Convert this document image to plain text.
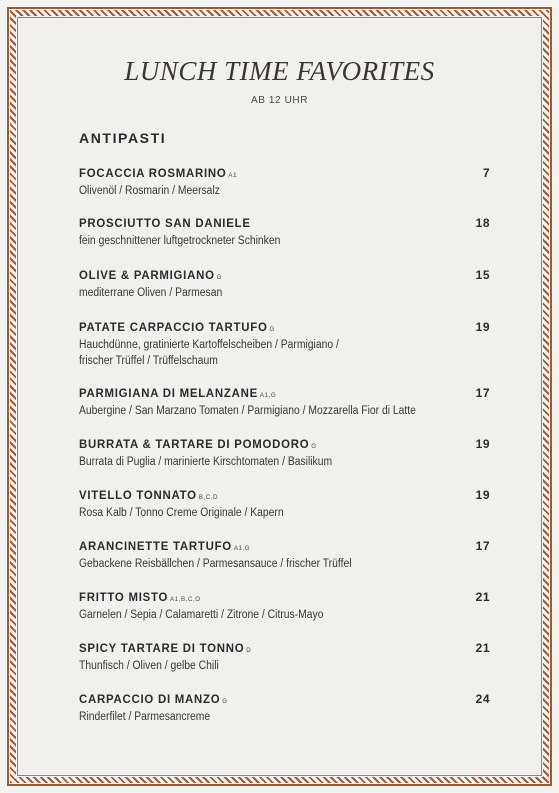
LUNCH TIME FAVORITES
AB 12 UHR
ANTIPASTI
FOCACCIA ROSMARINO A1
Olivenöl / Rosmarin / Meersalz
7
PROSCIUTTO SAN DANIELE
fein geschnittener luftgetrockneter Schinken
18
OLIVE & PARMIGIANO G
mediterrane Oliven / Parmesan
15
PATATE CARPACCIO TARTUFO G
Hauchdünne, gratinierte Kartoffelscheiben / Parmigiano /
frischer Trüffel / Trüffelschaum
19
PARMIGIANA DI MELANZANE A1,G
Aubergine / San Marzano Tomaten / Parmigiano / Mozzarella Fior di Latte
17
BURRATA & TARTARE DI POMODORO G
Burrata di Puglia / marinierte Kirschtomaten / Basilikum
19
VITELLO TONNATO B,C,D
Rosa Kalb / Tonno Creme Originale / Kapern
19
ARANCINETTE TARTUFO A1,G
Gebackene Reisbällchen / Parmesansauce / frischer Trüffel
17
FRITTO MISTO A1,B,C,O
Garnelen / Sepia / Calamaretti / Zitrone / Citrus-Mayo
21
SPICY TARTARE DI TONNO D
Thunfisch / Oliven / gelbe Chili
21
CARPACCIO DI MANZO G
Rinderfilet / Parmesancreme
24
